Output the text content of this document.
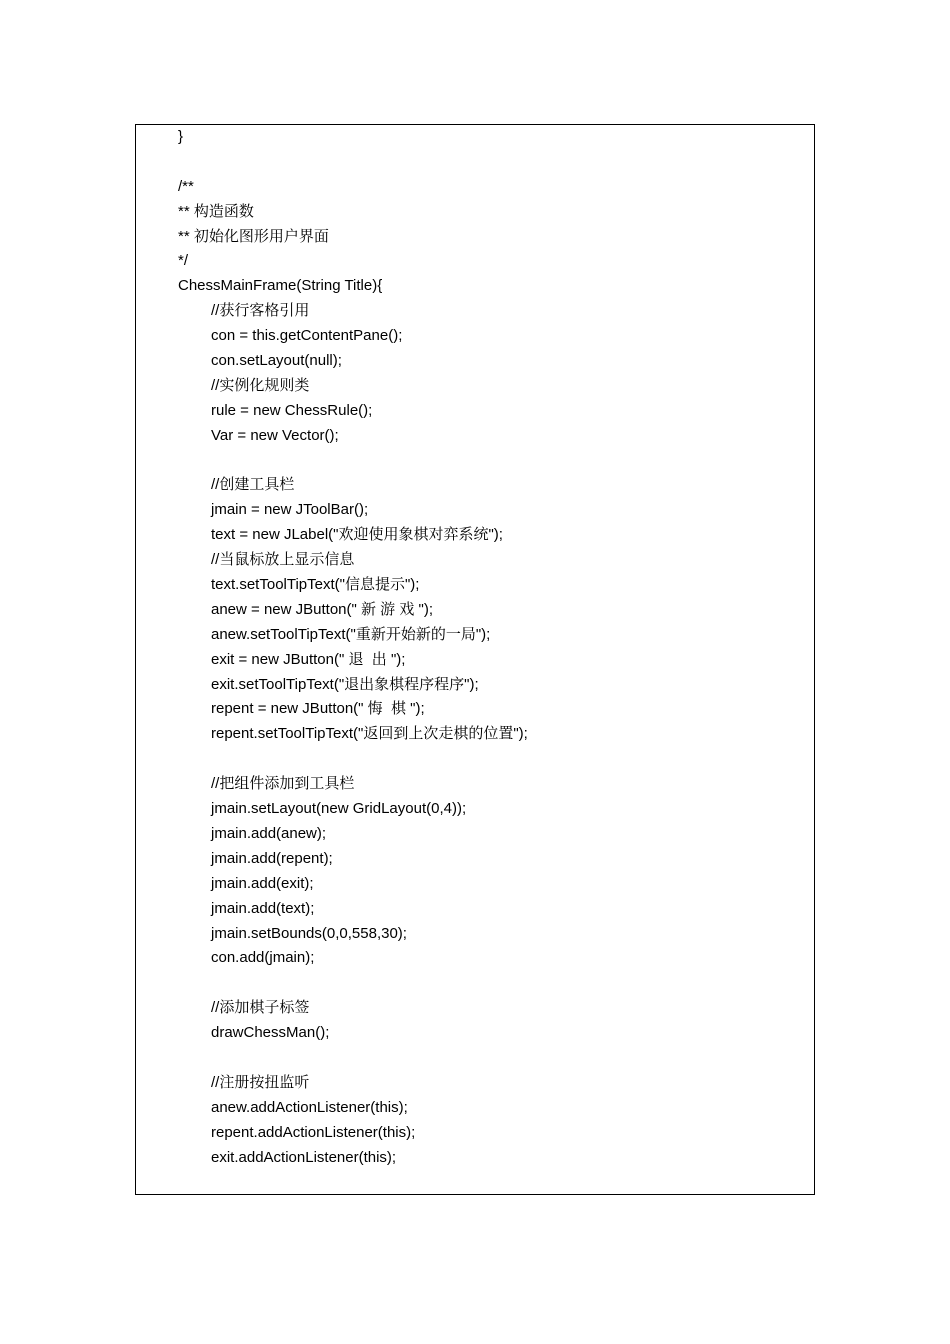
}
/**
** 构造函数
** 初始化图形用户界面
*/
ChessMainFrame(String Title){
//获行客格引用
con = this.getContentPane();
con.setLayout(null);
//实例化规则类
rule = new ChessRule();
Var = new Vector();
//创建工具栏
jmain = new JToolBar();
text = new JLabel("欢迎使用象棋对弈系统");
//当鼠标放上显示信息
text.setToolTipText("信息提示");
anew = new JButton(" 新 游 戏 ");
anew.setToolTipText("重新开始新的一局");
exit = new JButton(" 退  出 ");
exit.setToolTipText("退出象棋程序程序");
repent = new JButton(" 悔  棋 ");
repent.setToolTipText("返回到上次走棋的位置");
//把组件添加到工具栏
jmain.setLayout(new GridLayout(0,4));
jmain.add(anew);
jmain.add(repent);
jmain.add(exit);
jmain.add(text);
jmain.setBounds(0,0,558,30);
con.add(jmain);
//添加棋子标签
drawChessMan();
//注册按扭监听
anew.addActionListener(this);
repent.addActionListener(this);
exit.addActionListener(this);
